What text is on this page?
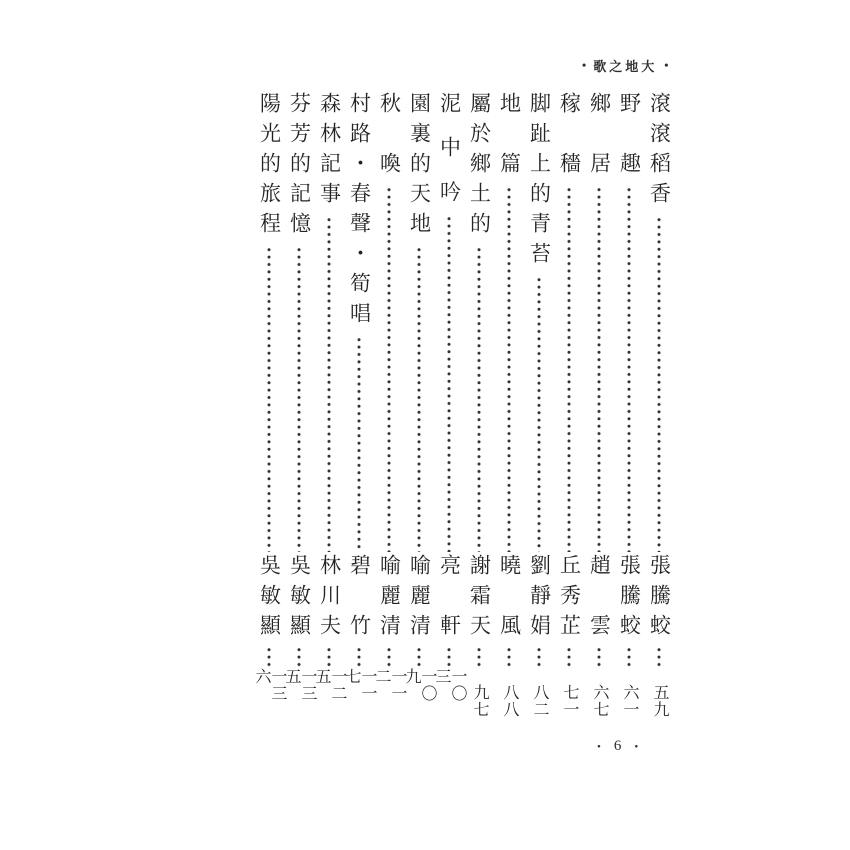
• 歌之地大 •
滾滾稻香
張騰蛟
五九
野　趣
張騰蛟
六一
鄉　居
趙　雲
六七
稼　穡
丘秀芷
七一
脚趾上的青苔
劉靜娟
八二
地　篇
曉　風
八八
屬於鄉土的
謝霜天
九七
泥 中 吟
亮　軒
一〇三
園裏的天地
喻麗清
一〇九
秋　喚
喻麗清
一一二
村路・春聲・筍唱
碧　竹
一一七
森林記事
林川夫
一二五
芬芳的記憶
吳敏顯
一三五
陽光的旅程
吳敏顯
一三六
• 6 •
